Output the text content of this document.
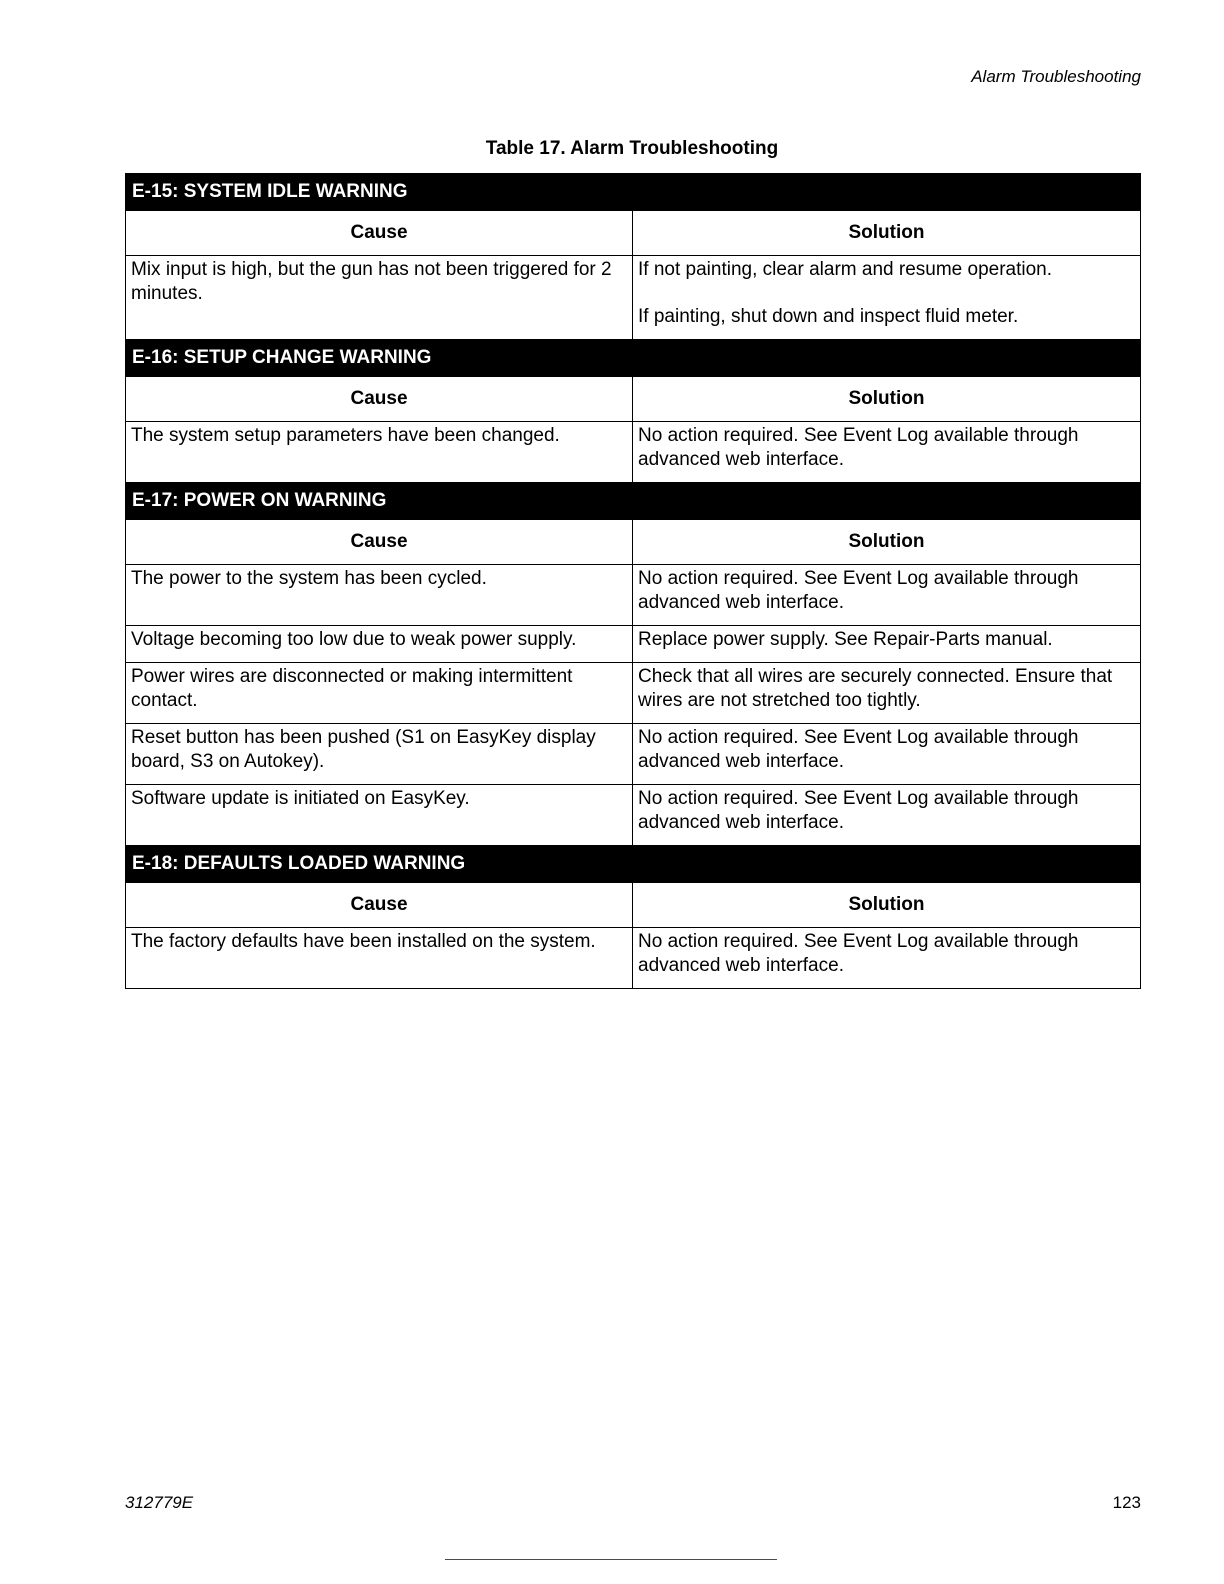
Alarm Troubleshooting
Table 17. Alarm Troubleshooting
E-15: SYSTEM IDLE WARNING	
Cause	Solution
Mix input is high, but the gun has not been triggered for 2 minutes.	If not painting, clear alarm and resume operation.
If painting, shut down and inspect fluid meter.

E-16: SETUP CHANGE WARNING	
Cause	Solution
The system setup parameters have been changed.	No action required. See Event Log available through advanced web interface.
E-17: POWER ON WARNING	
Cause	Solution
The power to the system has been cycled.	No action required. See Event Log available through advanced web interface.
Voltage becoming too low due to weak power supply.	Replace power supply. See Repair-Parts manual.
Power wires are disconnected or making intermittent contact.	Check that all wires are securely connected. Ensure that wires are not stretched too tightly.
Reset button has been pushed (S1 on EasyKey display board, S3 on Autokey).	No action required. See Event Log available through advanced web interface.
Software update is initiated on EasyKey.	No action required. See Event Log available through advanced web interface.
E-18: DEFAULTS LOADED WARNING	
Cause	Solution
The factory defaults have been installed on the system.	No action required. See Event Log available through advanced web interface.
312779E	123
